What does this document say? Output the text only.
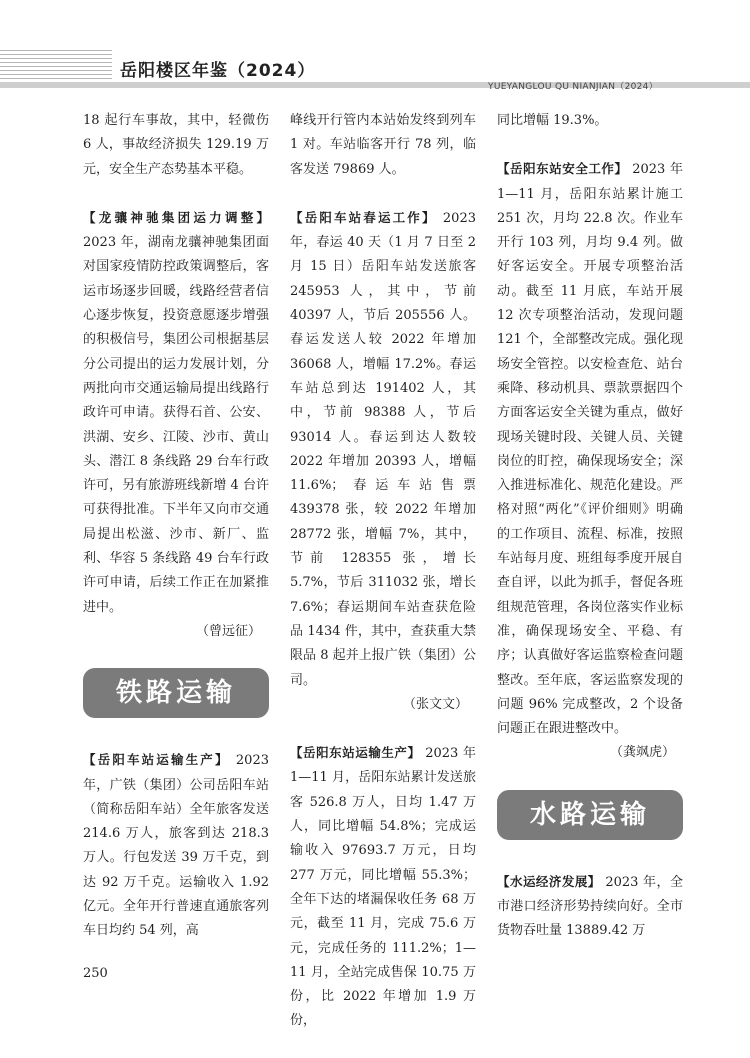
岳阳楼区年鉴（2024）
YUEYANGLOU QU NIANJIAN（2024）

18 起行车事故，其中，轻微伤 6 人，事故经济损失 129.19 万元，安全生产态势基本平稳。

【龙骧神驰集团运力调整】 2023 年，湖南龙骧神驰集团面对国家疫情防控政策调整后，客运市场逐步回暖，线路经营者信心逐步恢复，投资意愿逐步增强的积极信号，集团公司根据基层分公司提出的运力发展计划，分两批向市交通运输局提出线路行政许可申请。获得石首、公安、洪湖、安乡、江陵、沙市、黄山头、潜江 8 条线路 29 台车行政许可，另有旅游班线新增 4 台许可获得批准。下半年又向市交通局提出松滋、沙市、新厂、监利、华容 5 条线路 49 台车行政许可申请，后续工作正在加紧推进中。

（曾远征）
铁路运输

【岳阳车站运输生产】 2023 年，广铁（集团）公司岳阳车站（简称岳阳车站）全年旅客发送 214.6 万人，旅客到达 218.3 万人。行包发送 39 万千克，到达 92 万千克。运输收入 1.92 亿元。全年开行普速直通旅客列车日均约 54 列，高

峰线开行管内本站始发终到列车 1 对。车站临客开行 78 列，临客发送 79869 人。

【岳阳车站春运工作】 2023 年，春运 40 天（1 月 7 日至 2 月 15 日）岳阳车站发送旅客 245953 人，其中，节前 40397 人，节后 205556 人。春运发送人较 2022 年增加 36068 人，增幅 17.2%。春运车站总到达 191402 人，其中，节前 98388 人，节后 93014 人。春运到达人数较 2022 年增加 20393 人，增幅 11.6%；春运车站售票 439378 张，较 2022 年增加 28772 张，增幅 7%，其中，节前 128355 张，增长 5.7%，节后 311032 张，增长 7.6%；春运期间车站查获危险品 1434 件，其中，查获重大禁限品 8 起并上报广铁（集团）公司。

（张文文）

【岳阳东站运输生产】 2023 年 1—11 月，岳阳东站累计发送旅客 526.8 万人，日均 1.47 万人，同比增幅 54.8%；完成运输收入 97693.7 万元，日均 277 万元，同比增幅 55.3%；全年下达的堵漏保收任务 68 万元，截至 11 月，完成 75.6 万元，完成任务的 111.2%；1—11 月，全站完成售保 10.75 万份，比 2022 年增加 1.9 万份，

同比增幅 19.3%。

【岳阳东站安全工作】 2023 年 1—11 月，岳阳东站累计施工 251 次，月均 22.8 次。作业车开行 103 列，月均 9.4 列。做好客运安全。开展专项整治活动。截至 11 月底，车站开展 12 次专项整治活动，发现问题 121 个，全部整改完成。强化现场安全管控。以安检查危、站台乘降、移动机具、票款票据四个方面客运安全关键为重点，做好现场关键时段、关键人员、关键岗位的盯控，确保现场安全；深入推进标准化、规范化建设。严格对照“两化”《评价细则》明确的工作项目、流程、标准，按照车站每月度、班组每季度开展自查自评，以此为抓手，督促各班组规范管理，各岗位落实作业标准，确保现场安全、平稳、有序；认真做好客运监察检查问题整改。至年底，客运监察发现的问题 96% 完成整改，2 个设备问题正在跟进整改中。

（龚飒虎）
水路运输

【水运经济发展】 2023 年，全市港口经济形势持续向好。全市货物吞吐量 13889.42 万

250
